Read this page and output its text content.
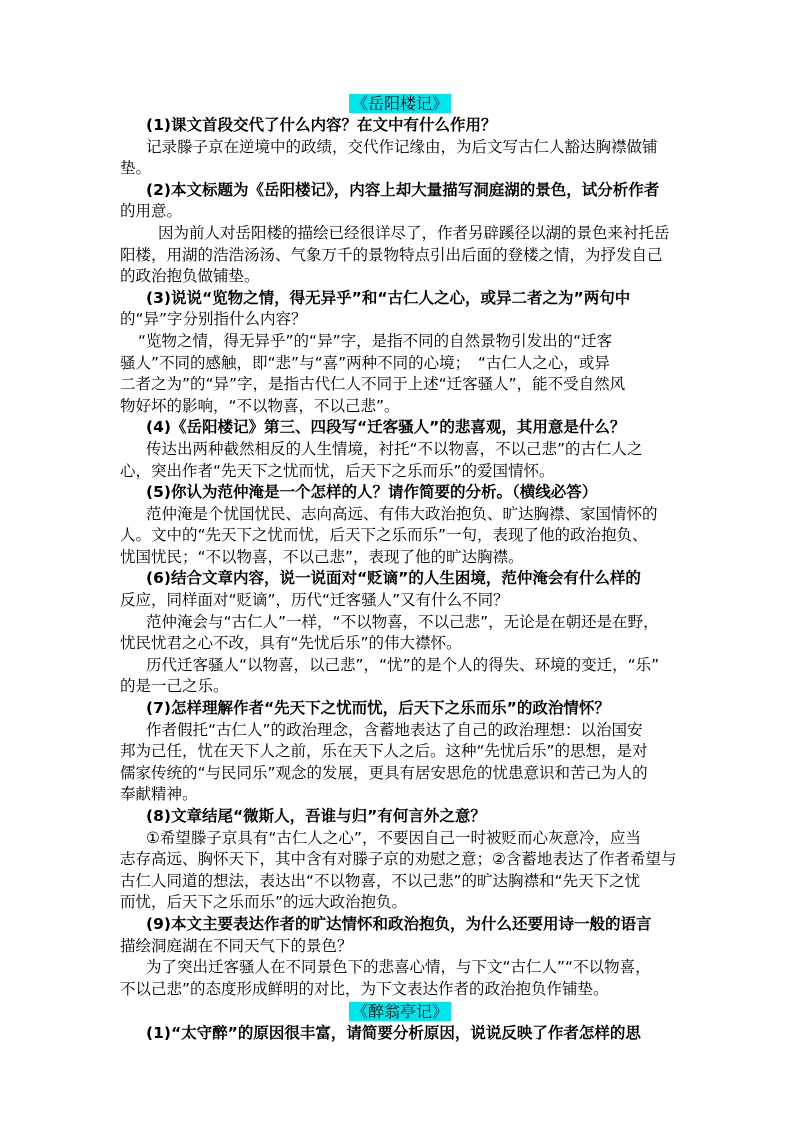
《岳阳楼记》
(1)课文首段交代了什么内容？在文中有什么作用？
记录滕子京在逆境中的政绩，交代作记缘由，为后文写古仁人豁达胸襟做铺
垫。
(2)本文标题为《岳阳楼记》，内容上却大量描写洞庭湖的景色，试分析作者
的用意。
因为前人对岳阳楼的描绘已经很详尽了，作者另辟蹊径以湖的景色来衬托岳
阳楼，用湖的浩浩汤汤、气象万千的景物特点引出后面的登楼之情，为抒发自己
的政治抱负做铺垫。
(3)说说“览物之情，得无异乎”和“古仁人之心，或异二者之为”两句中
的“异”字分别指什么内容？
“览物之情，得无异乎”的“异”字，是指不同的自然景物引发出的“迁客
骚人”不同的感触，即“悲”与“喜”两种不同的心境；　“古仁人之心，或异
二者之为”的“异”字，是指古代仁人不同于上述“迁客骚人”，能不受自然风
物好坏的影响，“不以物喜，不以己悲”。
(4)《岳阳楼记》第三、四段写“迁客骚人”的悲喜观，其用意是什么？
传达出两种截然相反的人生情境，衬托“不以物喜，不以己悲”的古仁人之
心，突出作者“先天下之忧而忧，后天下之乐而乐”的爱国情怀。
(5)你认为范仲淹是一个怎样的人？请作简要的分析。（横线必答）
范仲淹是个忧国忧民、志向高远、有伟大政治抱负、旷达胸襟、家国情怀的
人。文中的“先天下之忧而忧，后天下之乐而乐”一句，表现了他的政治抱负、
忧国忧民；“不以物喜，不以己悲”，表现了他的旷达胸襟。
(6)结合文章内容，说一说面对“贬谪”的人生困境，范仲淹会有什么样的
反应，同样面对“贬谪”，历代“迁客骚人”又有什么不同？
范仲淹会与“古仁人”一样，“不以物喜，不以己悲”，无论是在朝还是在野，
忧民忧君之心不改，具有“先忧后乐”的伟大襟怀。
历代迁客骚人“以物喜，以己悲”，“忧”的是个人的得失、环境的变迁，“乐”
的是一己之乐。
(7)怎样理解作者“先天下之忧而忧，后天下之乐而乐”的政治情怀？
作者假托“古仁人”的政治理念，含蓄地表达了自己的政治理想：以治国安
邦为己任，忧在天下人之前，乐在天下人之后。这种“先忧后乐”的思想，是对
儒家传统的“与民同乐”观念的发展，更具有居安思危的忧患意识和苦己为人的
奉献精神。
(8)文章结尾“微斯人，吾谁与归”有何言外之意？
①希望滕子京具有“古仁人之心”，不要因自己一时被贬而心灰意冷，应当
志存高远、胸怀天下，其中含有对滕子京的劝慰之意；②含蓄地表达了作者希望与
古仁人同道的想法，表达出“不以物喜，不以己悲”的旷达胸襟和“先天下之忧
而忧，后天下之乐而乐”的远大政治抱负。
(9)本文主要表达作者的旷达情怀和政治抱负，为什么还要用诗一般的语言
描绘洞庭湖在不同天气下的景色？
为了突出迁客骚人在不同景色下的悲喜心情，与下文“古仁人”“不以物喜，
不以己悲”的态度形成鲜明的对比，为下文表达作者的政治抱负作铺垫。
《醉翁亭记》
(1)“太守醉”的原因很丰富，请简要分析原因，说说反映了作者怎样的思
